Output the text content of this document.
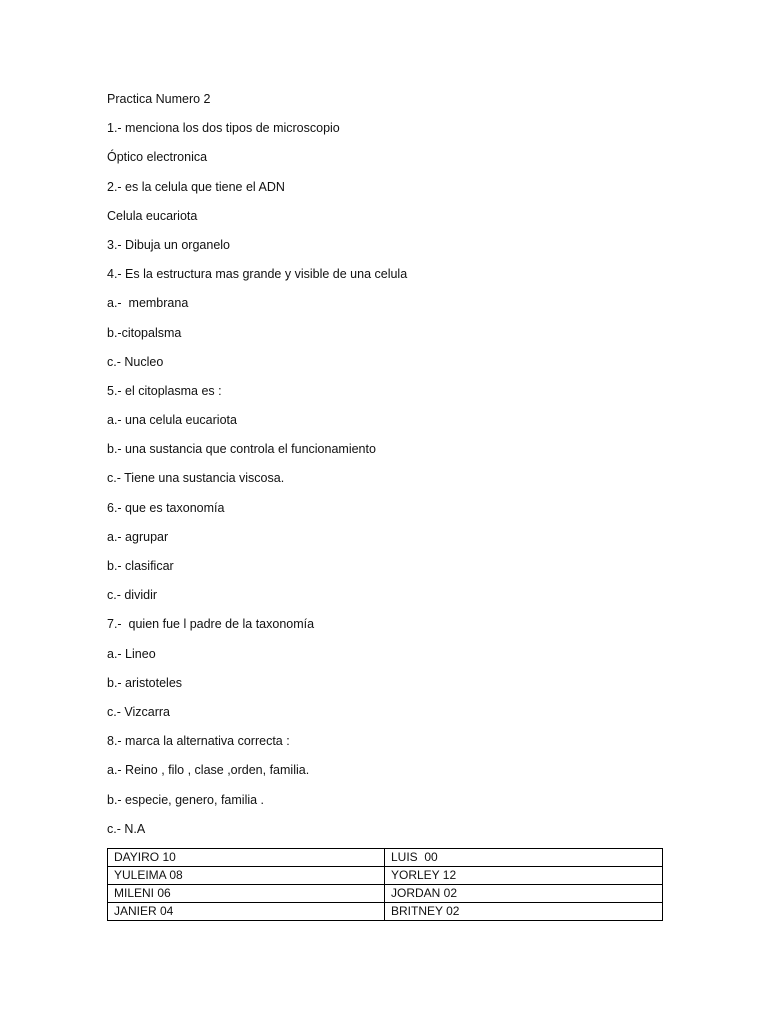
Practica Numero 2
1.- menciona los dos tipos de microscopio
Óptico electronica
2.- es la celula que tiene el ADN
Celula eucariota
3.- Dibuja un organelo
4.- Es la estructura mas grande y visible de una celula
a.-  membrana
b.-citopalsma
c.- Nucleo
5.- el citoplasma es :
a.- una celula eucariota
b.- una sustancia que controla el funcionamiento
c.- Tiene una sustancia viscosa.
6.- que es taxonomía
a.- agrupar
b.- clasificar
c.- dividir
7.-  quien fue l padre de la taxonomía
a.- Lineo
b.- aristoteles
c.- Vizcarra
8.- marca la alternativa correcta :
a.- Reino , filo , clase ,orden, familia.
b.- especie, genero, familia .
c.- N.A
DAYIRO 10	LUIS  00
YULEIMA 08	YORLEY 12
MILENI 06	JORDAN 02
JANIER 04	BRITNEY 02
